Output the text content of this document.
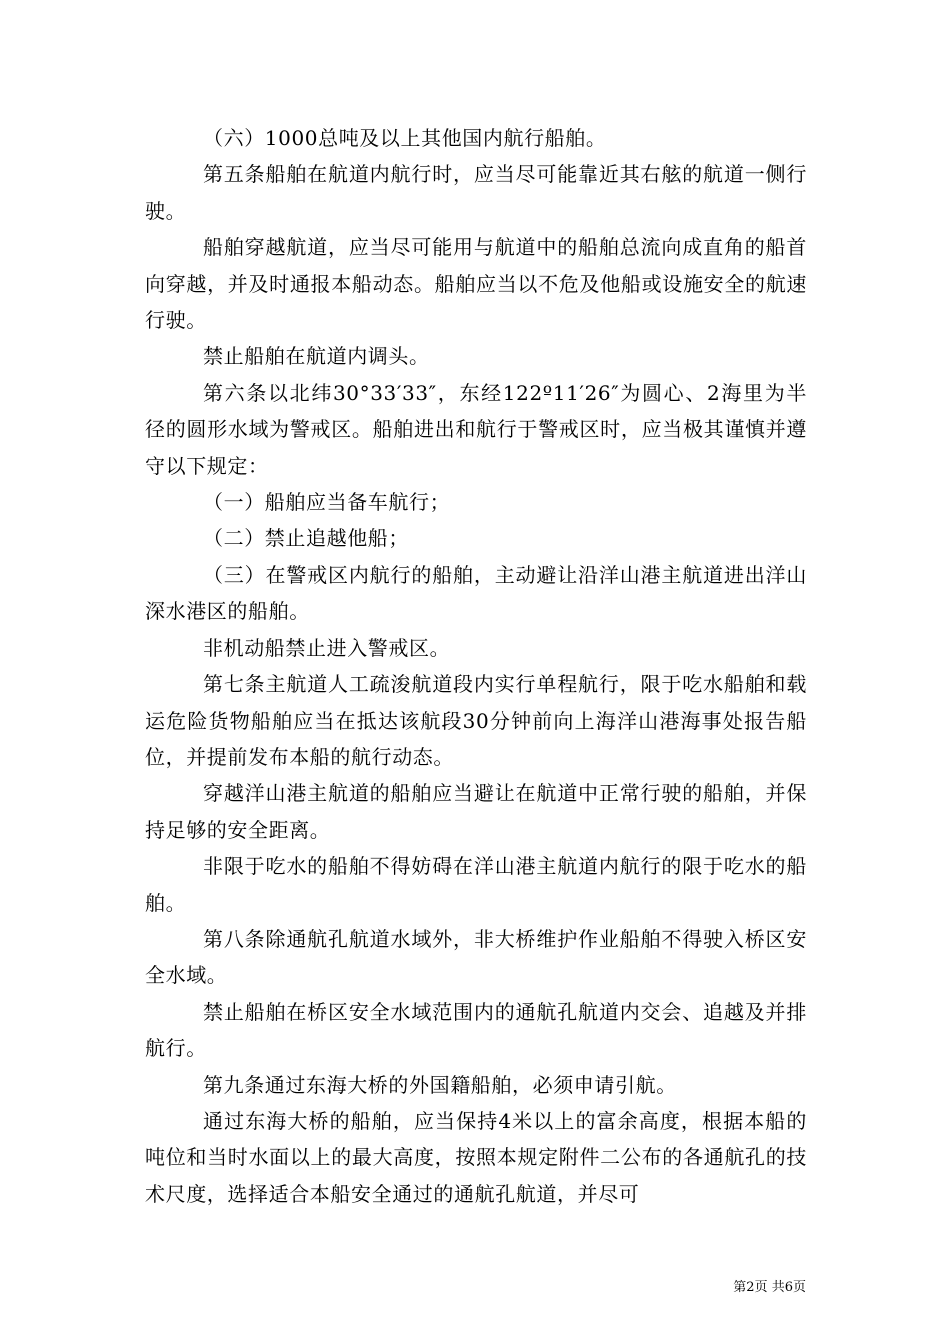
（六）1000总吨及以上其他国内航行船舶。

第五条船舶在航道内航行时，应当尽可能靠近其右舷的航道一侧行驶。

船舶穿越航道，应当尽可能用与航道中的船舶总流向成直角的船首向穿越，并及时通报本船动态。船舶应当以不危及他船或设施安全的航速行驶。

禁止船舶在航道内调头。

第六条以北纬30°33′33″，东经122º11′26″为圆心、2海里为半径的圆形水域为警戒区。船舶进出和航行于警戒区时，应当极其谨慎并遵守以下规定：

（一）船舶应当备车航行；

（二）禁止追越他船；

（三）在警戒区内航行的船舶，主动避让沿洋山港主航道进出洋山深水港区的船舶。

非机动船禁止进入警戒区。

第七条主航道人工疏浚航道段内实行单程航行，限于吃水船舶和载运危险货物船舶应当在抵达该航段30分钟前向上海洋山港海事处报告船位，并提前发布本船的航行动态。

穿越洋山港主航道的船舶应当避让在航道中正常行驶的船舶，并保持足够的安全距离。

非限于吃水的船舶不得妨碍在洋山港主航道内航行的限于吃水的船舶。

第八条除通航孔航道水域外，非大桥维护作业船舶不得驶入桥区安全水域。

禁止船舶在桥区安全水域范围内的通航孔航道内交会、追越及并排航行。

第九条通过东海大桥的外国籍船舶，必须申请引航。

通过东海大桥的船舶，应当保持4米以上的富余高度，根据本船的吨位和当时水面以上的最大高度，按照本规定附件二公布的各通航孔的技术尺度，选择适合本船安全通过的通航孔航道，并尽可

第2页 共6页
